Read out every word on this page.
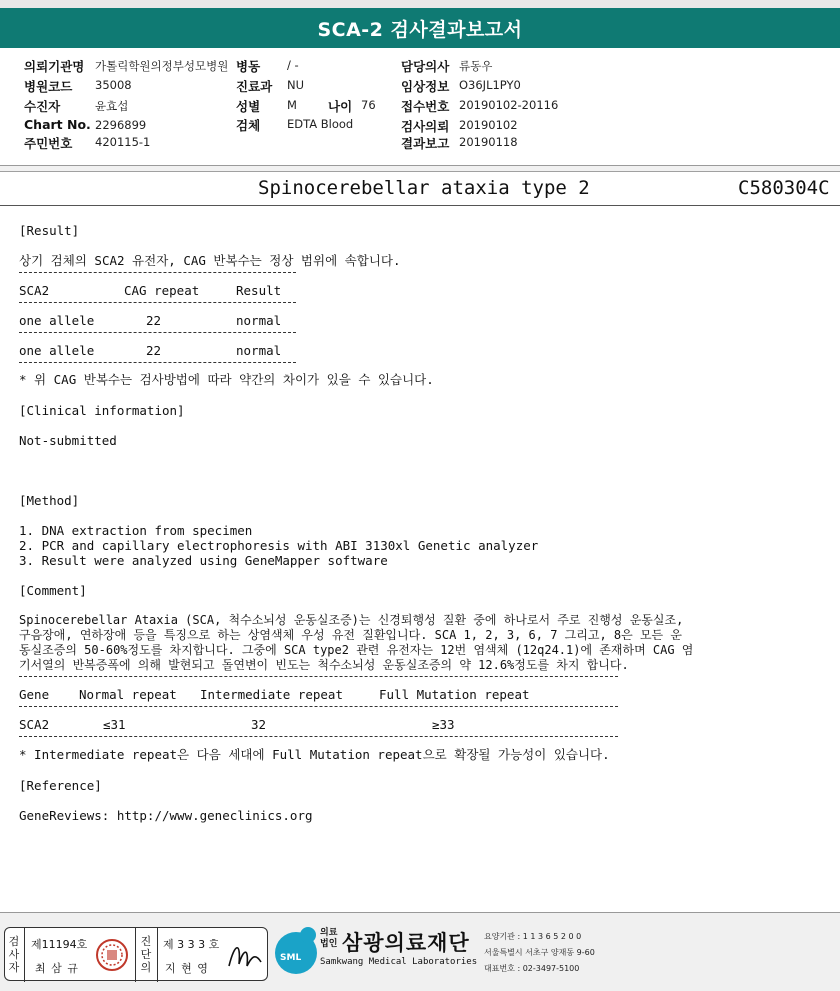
SCA-2 검사결과보고서
의뢰기관명 가톨릭학원의정부성모병원
병원코드 35008
수진자	윤효섭
Chart No. 2296899
주민번호 420115-1
병동 / -
진료과 NU
성별 M 나이 76
검체 EDTA Blood
담당의사 류동우
임상정보 O36JL1PY0
접수번호 20190102-20116
검사의뢰 20190102
결과보고 20190118
Spinocerebellar ataxia type 2	C580304C
[Result]
상기 검체의 SCA2 유전자, CAG 반복수는 정상 범위에 속합니다.
SCA2	CAG repeat	Result
one allele	22	normal
one allele	22	normal
* 위 CAG 반복수는 검사방법에 따라 약간의 차이가 있을 수 있습니다.
[Clinical information]
Not-submitted
[Method]
1. DNA extraction from specimen
2. PCR and capillary electrophoresis with ABI 3130xl Genetic analyzer
3. Result were analyzed using GeneMapper software
[Comment]
Spinocerebellar Ataxia (SCA, 척수소뇌성 운동실조증)는 신경퇴행성 질환 중에 하나로서 주로 진행성 운동실조,
구음장애, 연하장애 등을 특징으로 하는 상염색체 우성 유전 질환입니다. SCA 1, 2, 3, 6, 7 그리고, 8은 모든 운
동실조증의 50-60%정도를 차지합니다. 그중에 SCA type2 관련 유전자는 12번 염색체 (12q24.1)에 존재하며 CAG 염
기서열의 반복증폭에 의해 발현되고 돌연변이 빈도는 척수소뇌성 운동실조증의 약 12.6%정도를 차지 합니다.
Gene Normal repeat Intermediate repeat	Full Mutation repeat
SCA2	≤31	32	≥33
* Intermediate repeat은 다음 세대에 Full Mutation repeat으로 확장될 가능성이 있습니다.
[Reference]
GeneReviews: http://www.geneclinics.org
검사자
제11194호
최 삼 규
진단의
제 3 3 3 호
지 현 영
SML
의료법인 삼광의료재단
Samkwang Medical Laboratories
요양기관 : 1 1 3 6 5 2 0 0
서울특별시 서초구 양재동 9-60
대표번호 : 02-3497-5100
